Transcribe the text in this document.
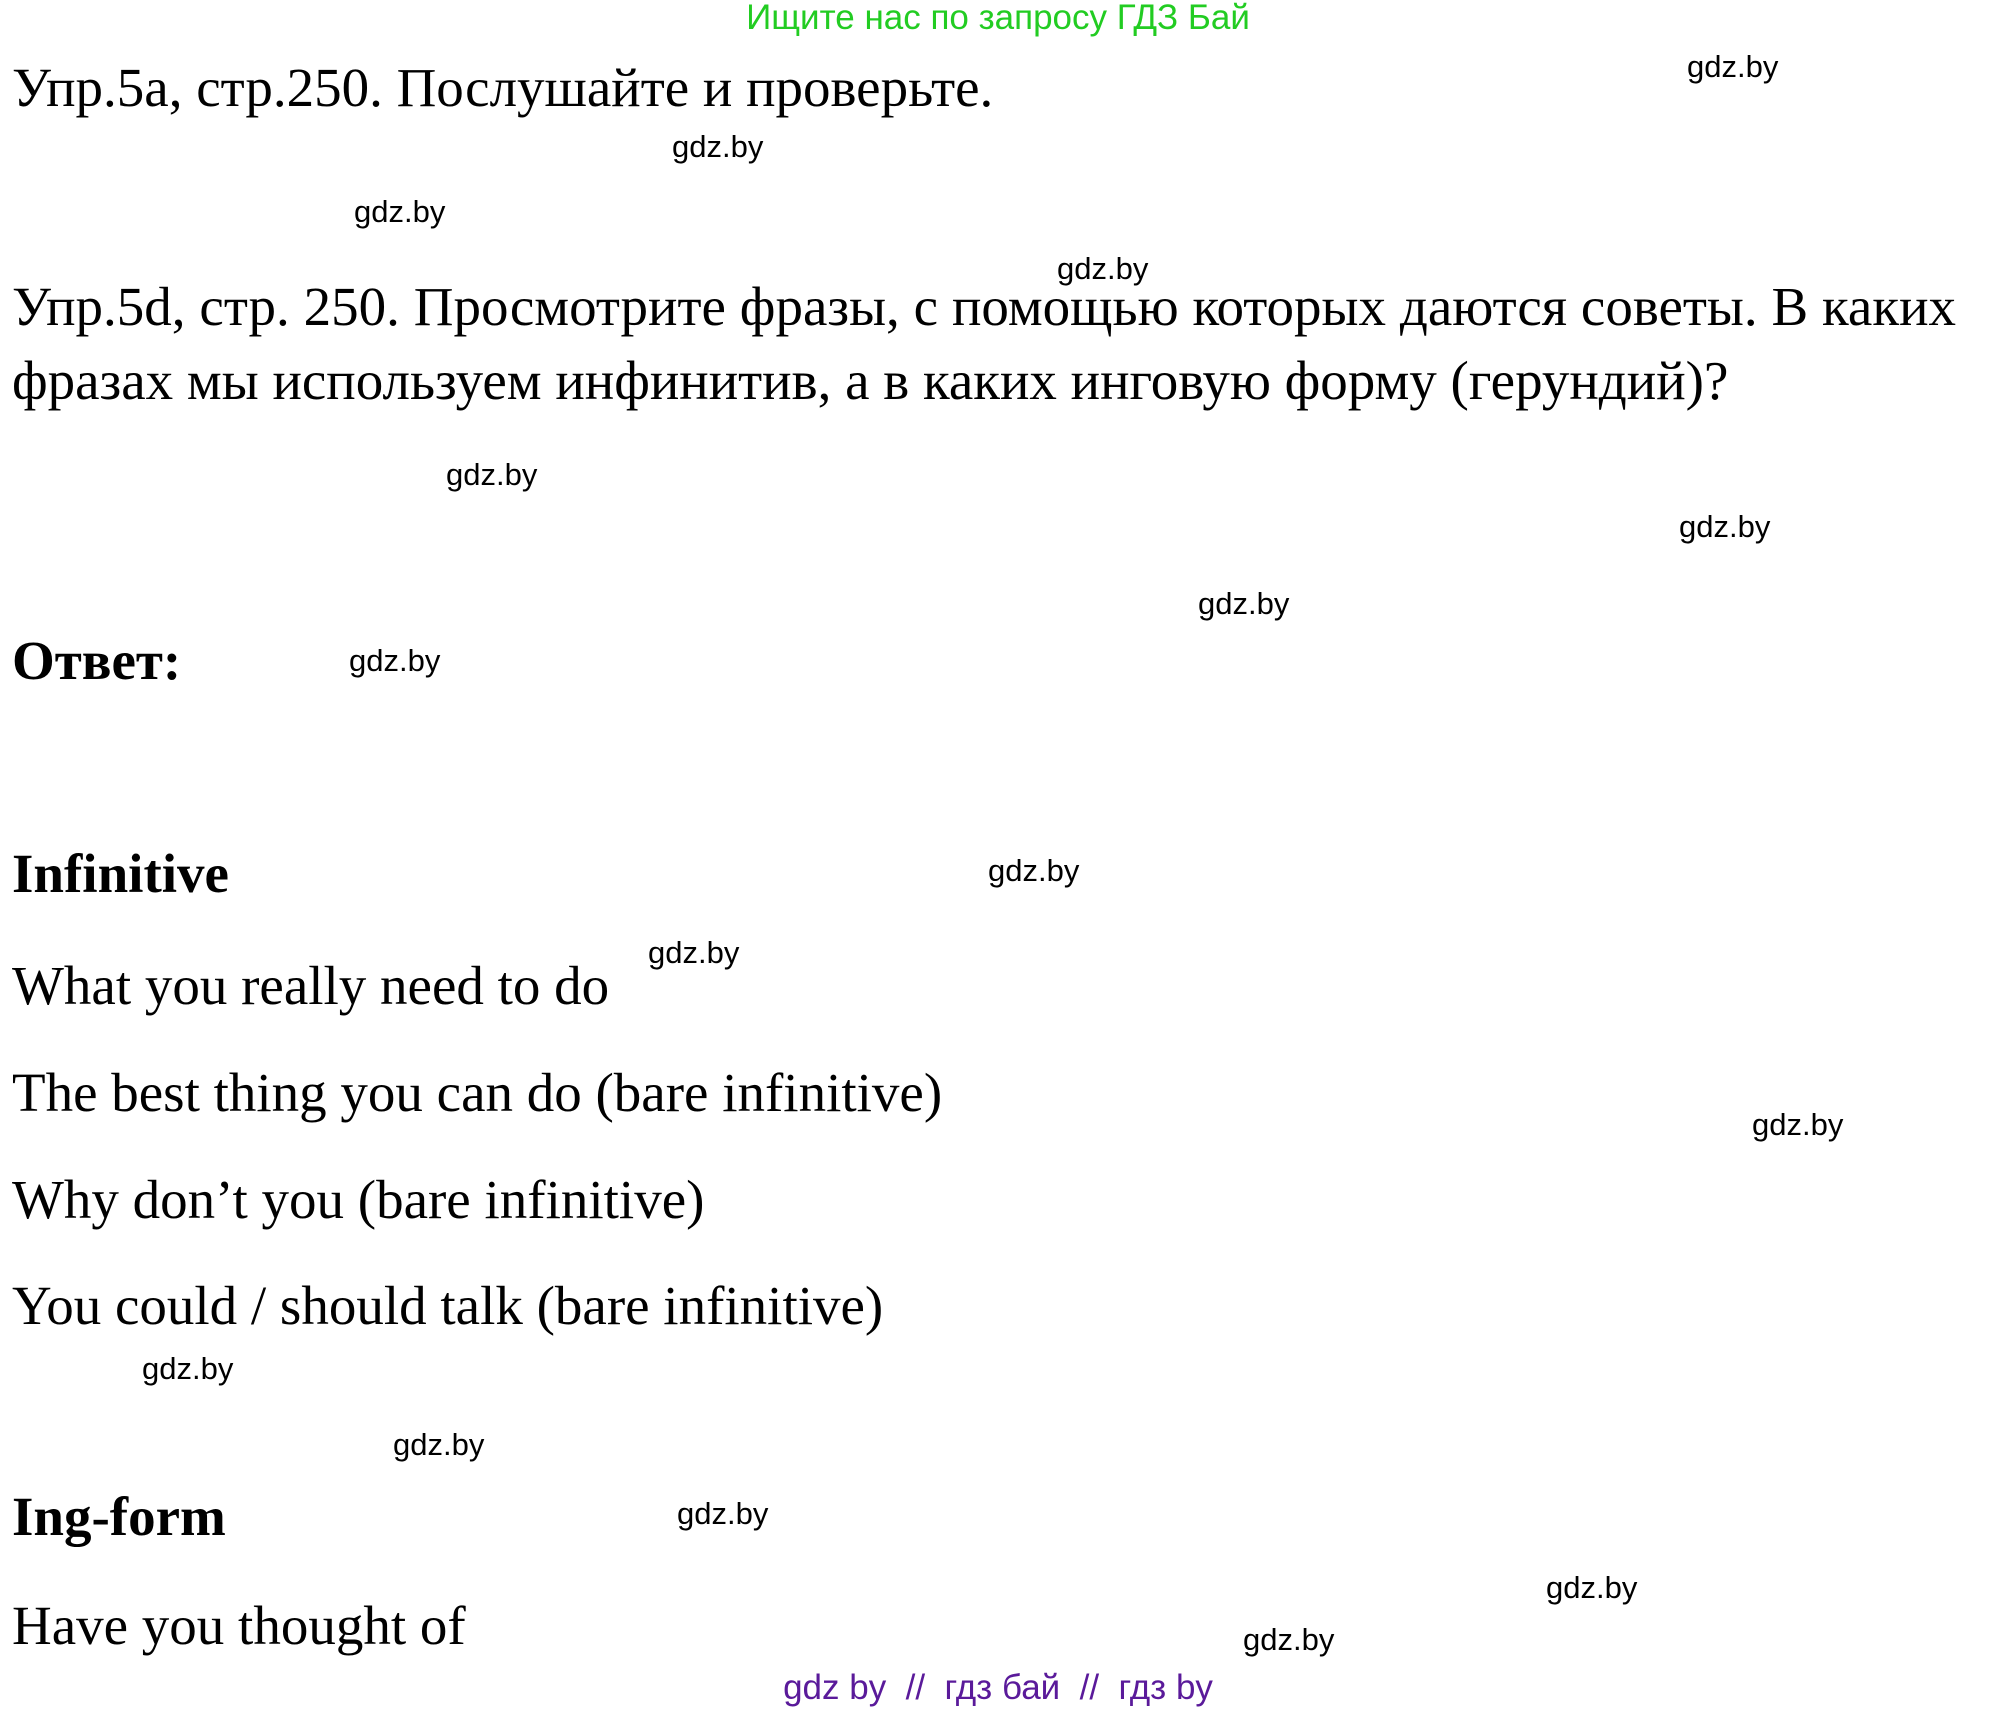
Ищите нас по запросу ГДЗ Бай
Упр.5a, стр.250. Послушайте и проверьте.
Упр.5d, стр. 250. Просмотрите фразы, с помощью которых даются советы. В каких фразах мы используем инфинитив, а в каких инговую форму (герундий)?
Ответ:
Infinitive
What you really need to do
The best thing you can do (bare infinitive)
Why don’t you (bare infinitive)
You could / should talk (bare infinitive)
Ing-form
Have you thought of
gdz.by
gdz.by
gdz.by
gdz.by
gdz.by
gdz.by
gdz.by
gdz.by
gdz.by
gdz.by
gdz.by
gdz.by
gdz.by
gdz.by
gdz.by
gdz.by
gdz by  //  гдз бай  //  гдз by
